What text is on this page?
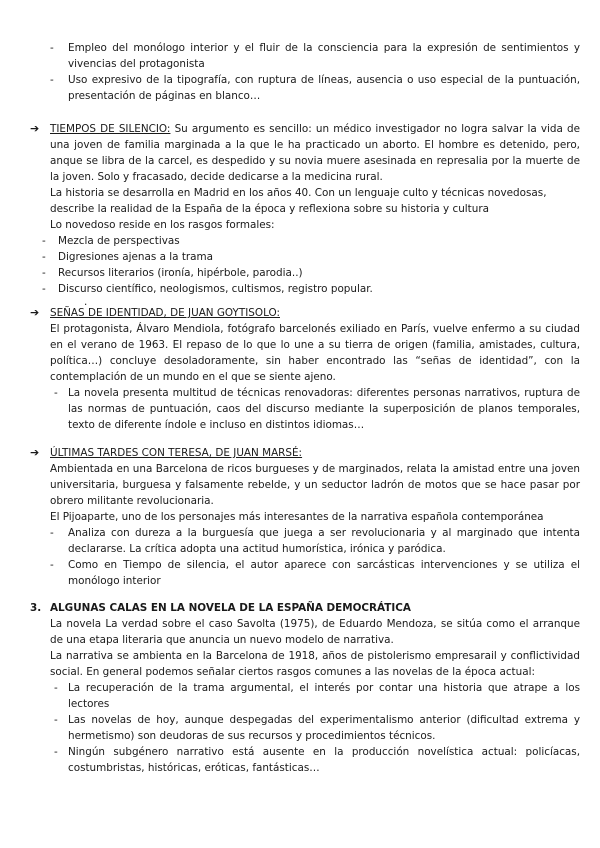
- Empleo del monólogo interior y el fluir de la consciencia para la expresión de sentimientos y vivencias del protagonista
- Uso expresivo de la tipografía, con ruptura de líneas, ausencia o uso especial de la puntuación, presentación de páginas en blanco…

➔ TIEMPOS DE SILENCIO: Su argumento es sencillo: un médico investigador no logra salvar la vida de una joven de familia marginada a la que le ha practicado un aborto. El hombre es detenido, pero, anque se libra de la carcel, es despedido y su novia muere asesinada en represalia por la muerte de la joven. Solo y fracasado, decide dedicarse a la medicina rural.

La historia se desarrolla en Madrid en los años 40. Con un lenguaje culto y técnicas novedosas, describe la realidad de la España de la época y reflexiona sobre su historia y cultura

Lo novedoso reside en los rasgos formales:

- Mezcla de perspectivas
- Digresiones ajenas a la trama
- Recursos literarios (ironía, hipérbole, parodia..)
- Discurso científico, neologismos, cultismos, registro popular.

.

➔ SEÑAS DE IDENTIDAD, DE JUAN GOYTISOLO:

El protagonista, Álvaro Mendiola, fotógrafo barcelonés exiliado en París, vuelve enfermo a su ciudad en el verano de 1963. El repaso de lo que lo une a su tierra de origen (familia, amistades, cultura, política…) concluye desoladoramente, sin haber encontrado las “señas de identidad”, con la contemplación de un mundo en el que se siente ajeno.

- La novela presenta multitud de técnicas renovadoras: diferentes personas narrativos, ruptura de las normas de puntuación, caos del discurso mediante la superposición de planos temporales, texto de diferente índole e incluso en distintos idiomas…

➔ ÚLTIMAS TARDES CON TERESA, DE JUAN MARSÉ:

Ambientada en una Barcelona de ricos burgueses y de marginados, relata la amistad entre una joven universitaria, burguesa y falsamente rebelde, y un seductor ladrón de motos que se hace pasar por obrero militante revolucionaria.

El Pijoaparte, uno de los personajes más interesantes de la narrativa española contemporánea

- Analiza con dureza a la burguesía que juega a ser revolucionaria y al marginado que intenta declararse. La crítica adopta una actitud humorística, irónica y paródica.
- Como en Tiempo de silencia, el autor aparece con sarcásticas intervenciones y se utiliza el monólogo interior

3. ALGUNAS CALAS EN LA NOVELA DE LA ESPAÑA DEMOCRÁTICA

La novela La verdad sobre el caso Savolta (1975), de Eduardo Mendoza, se sitúa como el arranque de una etapa literaria que anuncia un nuevo modelo de narrativa.

La narrativa se ambienta en la Barcelona de 1918, años de pistolerismo empresarail y conflictividad social. En general podemos señalar ciertos rasgos comunes a las novelas de la época actual:

- La recuperación de la trama argumental, el interés por contar una historia que atrape a los lectores
- Las novelas de hoy, aunque despegadas del experimentalismo anterior (dificultad extrema y hermetismo) son deudoras de sus recursos y procedimientos técnicos.
- Ningún subgénero narrativo está ausente en la producción novelística actual: policíacas, costumbristas, históricas, eróticas, fantásticas…
